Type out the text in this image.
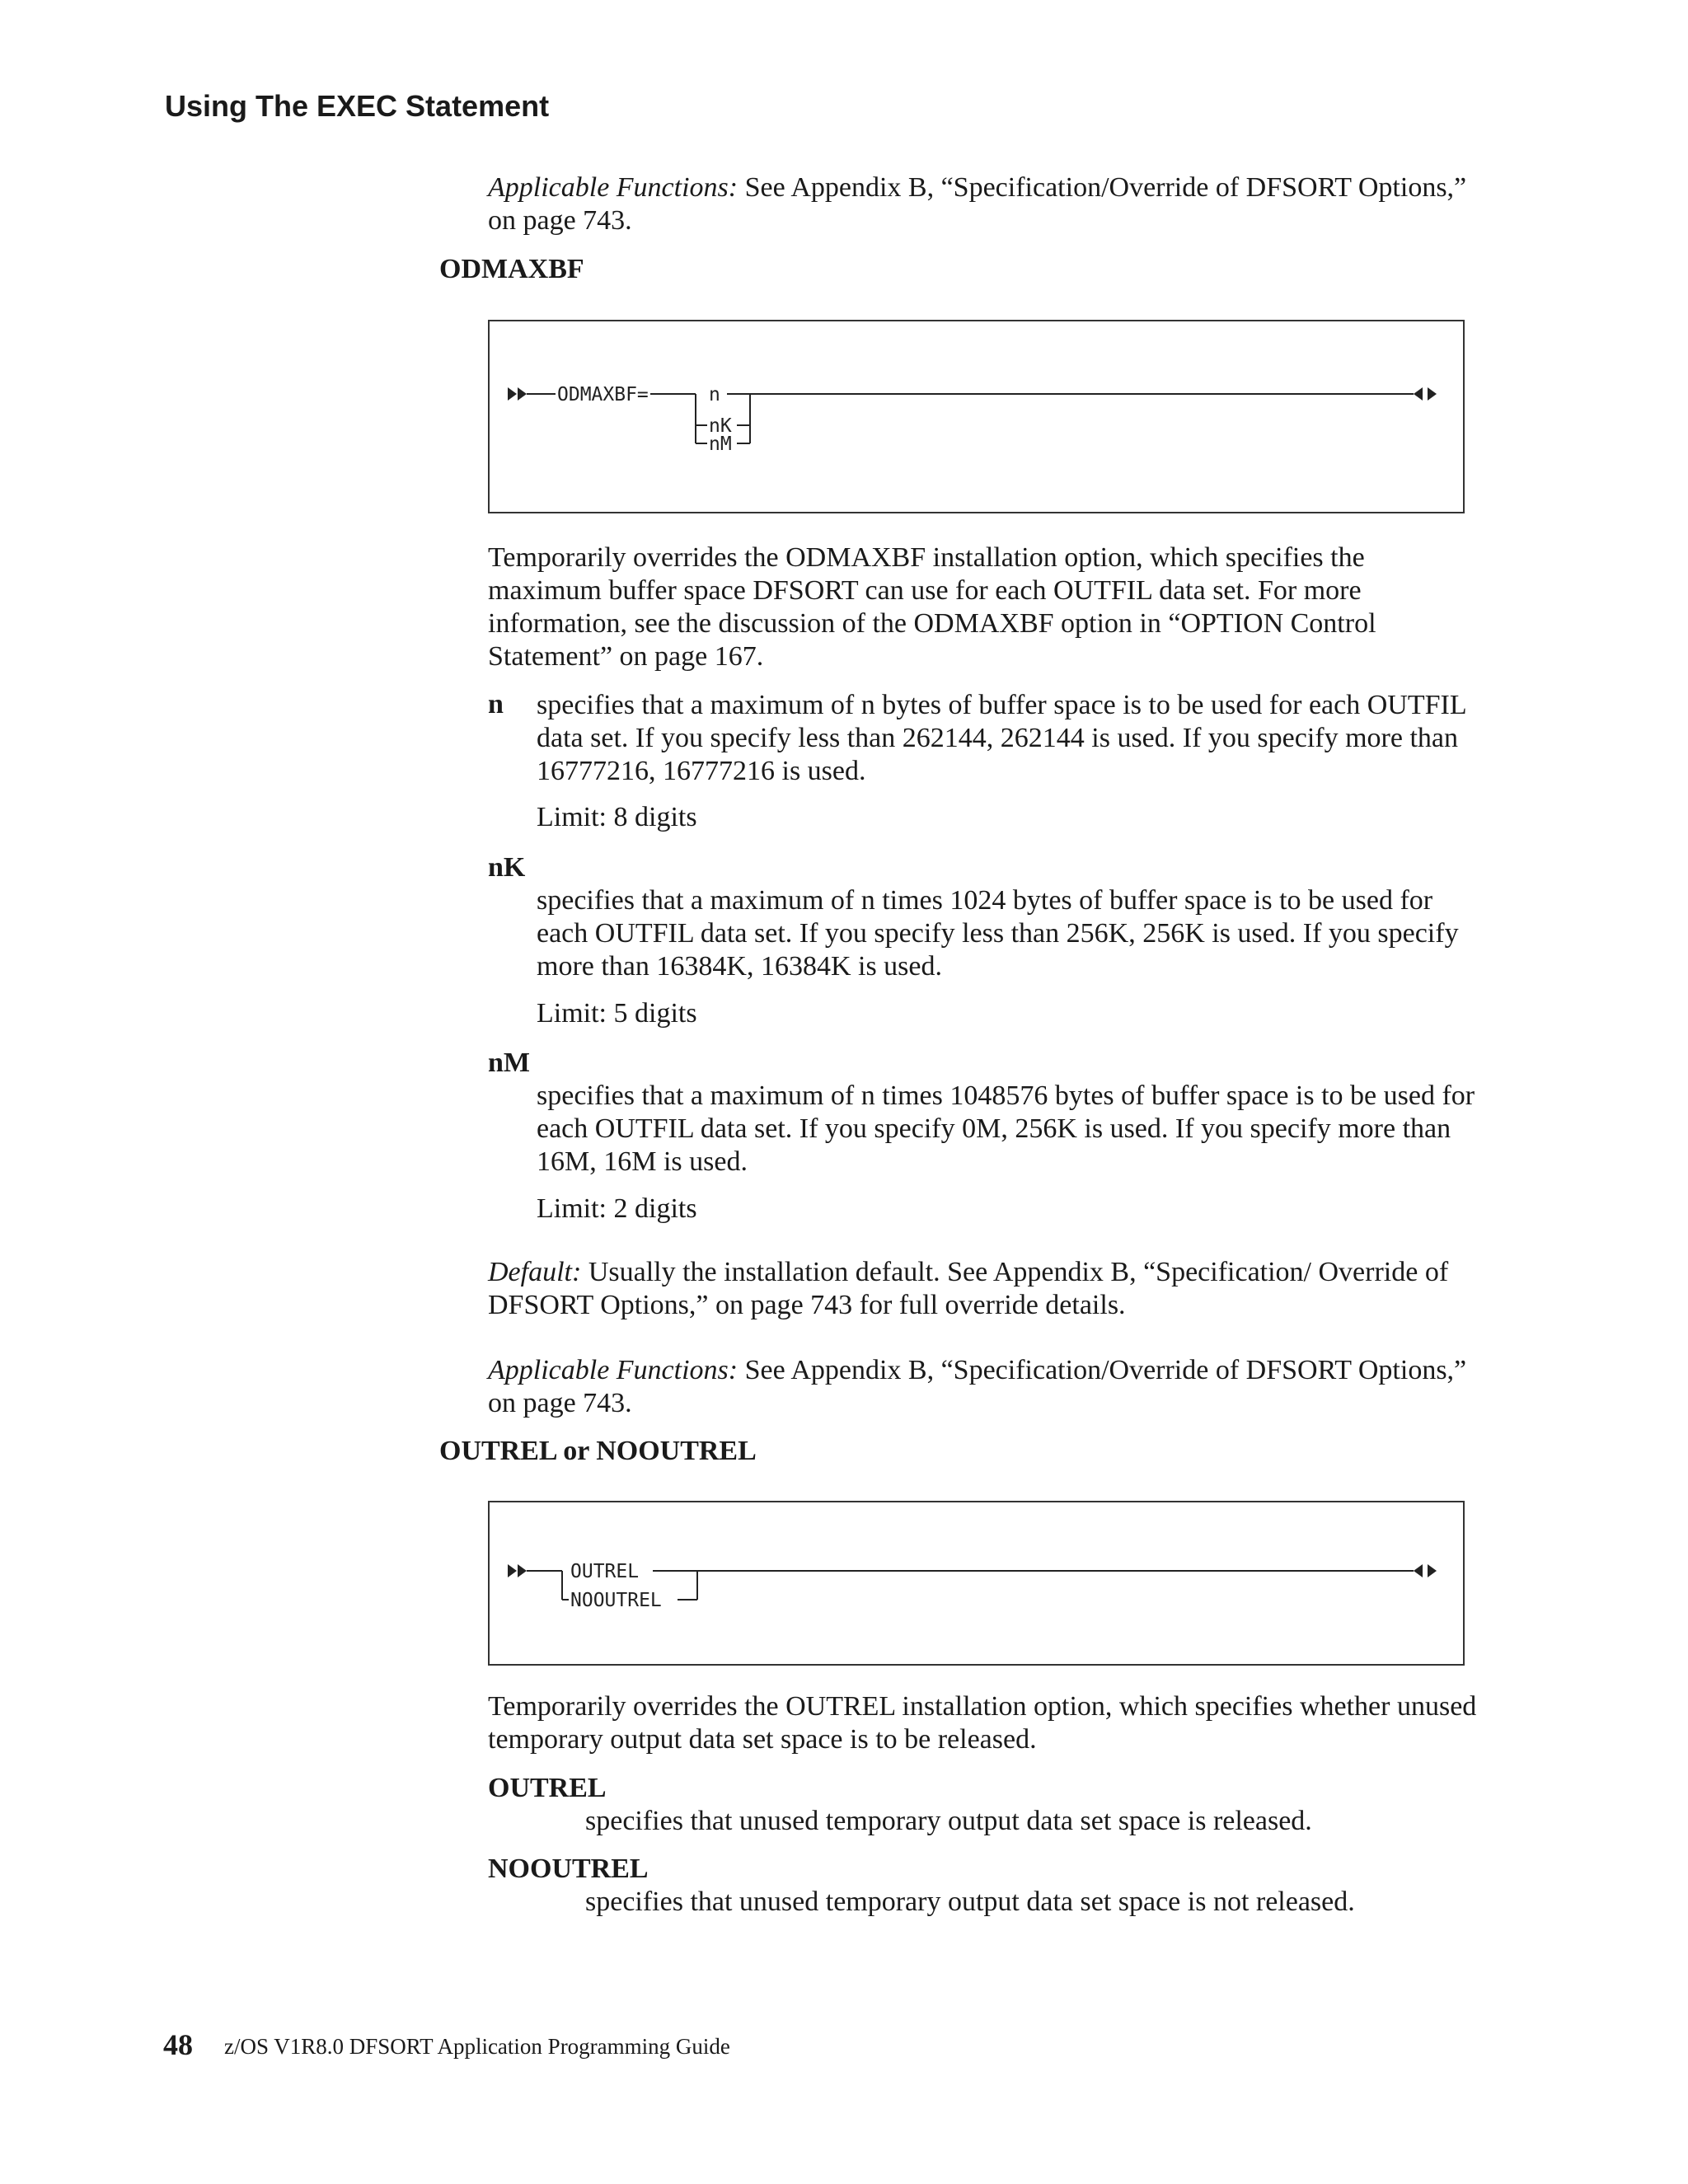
Using The EXEC Statement
Applicable Functions: See Appendix B, “Specification/Override of DFSORT Options,” on page 743.
ODMAXBF
ODMAXBF=	n
nK
nM
Temporarily overrides the ODMAXBF installation option, which specifies the maximum buffer space DFSORT can use for each OUTFIL data set. For more information, see the discussion of the ODMAXBF option in “OPTION Control Statement” on page 167.
n specifies that a maximum of n bytes of buffer space is to be used for each OUTFIL data set. If you specify less than 262144, 262144 is used. If you specify more than 16777216, 16777216 is used.
Limit: 8 digits
nK
specifies that a maximum of n times 1024 bytes of buffer space is to be used for each OUTFIL data set. If you specify less than 256K, 256K is used. If you specify more than 16384K, 16384K is used.
Limit: 5 digits
nM
specifies that a maximum of n times 1048576 bytes of buffer space is to be used for each OUTFIL data set. If you specify 0M, 256K is used. If you specify more than 16M, 16M is used.
Limit: 2 digits
Default: Usually the installation default. See Appendix B, “Specification/ Override of DFSORT Options,” on page 743 for full override details.
Applicable Functions: See Appendix B, “Specification/Override of DFSORT Options,” on page 743.
OUTREL or NOOUTREL
OUTREL
NOOUTREL
Temporarily overrides the OUTREL installation option, which specifies whether unused temporary output data set space is to be released.
OUTREL
specifies that unused temporary output data set space is released.
NOOUTREL
specifies that unused temporary output data set space is not released.
48 z/OS V1R8.0 DFSORT Application Programming Guide
